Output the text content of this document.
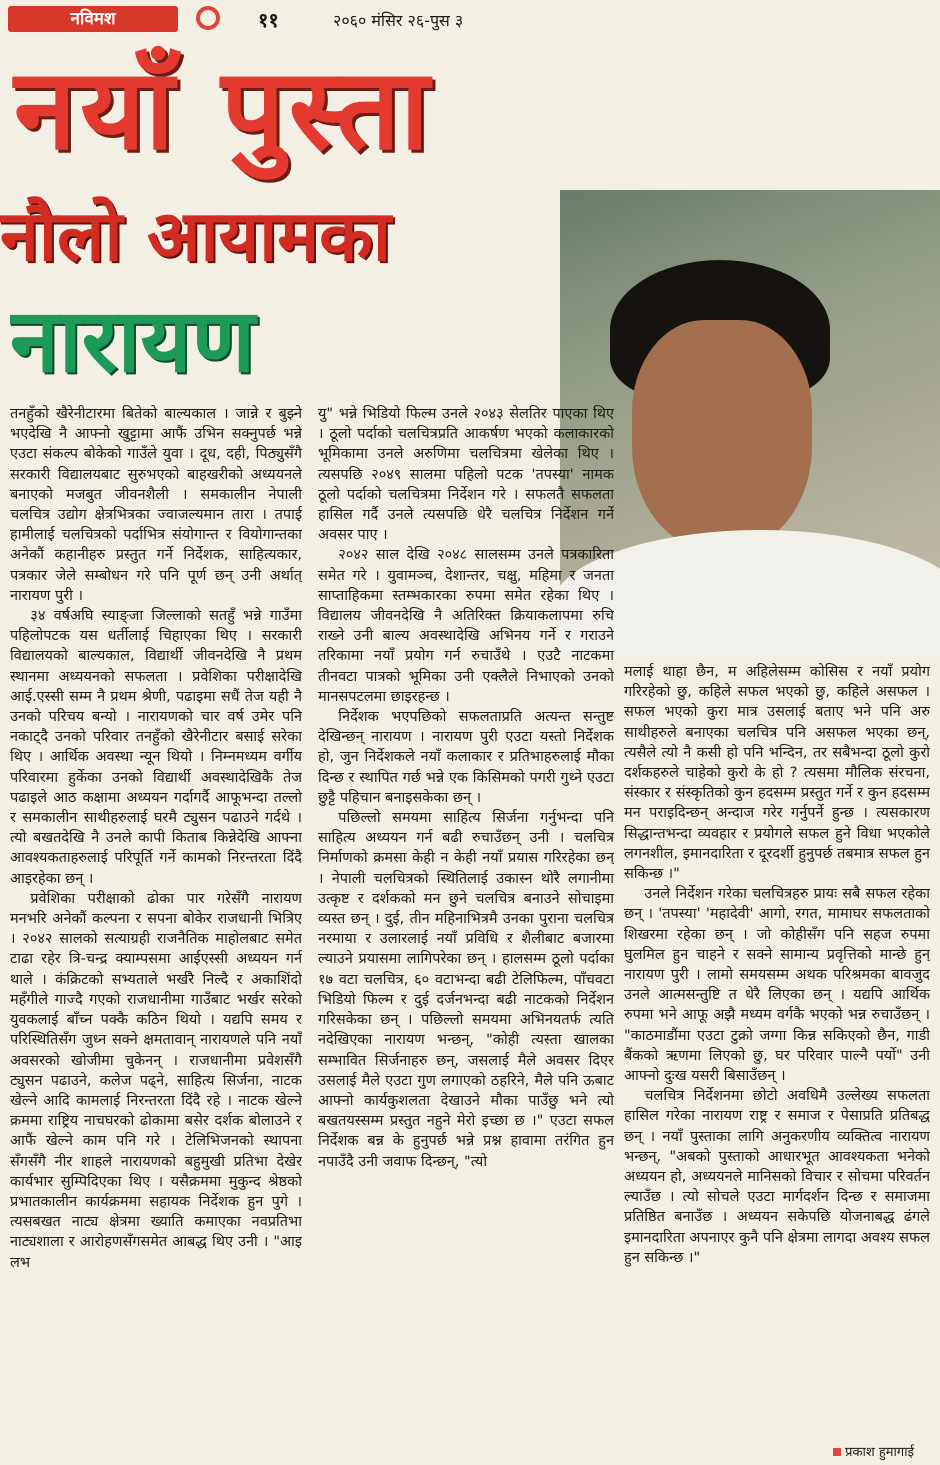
नविमश	११	२०६० मंसिर २६-पुस ३
नयाँ पुस्ता
नौलो आयामका
नारायण

तनहुँको खैरेनीटारमा बितेको बाल्यकाल । जान्ने र बुझ्ने भएदेखि नै आफ्नो खुट्टामा आफैं उभिन सक्नुपर्छ भन्ने एउटा संकल्प बोकेको गाउँले युवा । दूध, दही, पिठ्युसँगै सरकारी विद्यालयबाट सुरुभएको बाहखरीको अध्ययनले बनाएको मजबुत जीवनशैली । समकालीन नेपाली चलचित्र उद्योग क्षेत्रभित्रका ज्वाजल्यमान तारा । तपाई हामीलाई चलचित्रको पर्दाभित्र संयोगान्त र वियोगान्तका अनेकौं कहानीहरु प्रस्तुत गर्ने निर्देशक, साहित्यकार, पत्रकार जेले सम्बोधन गरे पनि पूर्ण छन् उनी अर्थात् नारायण पुरी ।

३४ वर्षअघि स्याङ्जा जिल्लाको सतहुँ भन्ने गाउँमा पहिलोपटक यस धर्तीलाई चिहाएका थिए । सरकारी विद्यालयको बाल्यकाल, विद्यार्थी जीवनदेखि नै प्रथम स्थानमा अध्ययनको सफलता । प्रवेशिका परीक्षादेखि आई.एस्सी सम्म नै प्रथम श्रेणी, पढाइमा सधैं तेज यही नै उनको परिचय बन्यो । नारायणको चार वर्ष उमेर पनि नकाट्दै उनको परिवार तनहुँको खैरेनीटार बसाई सरेका थिए । आर्थिक अवस्था न्यून थियो । निम्नमध्यम वर्गीय परिवारमा हुर्केका उनको विद्यार्थी अवस्थादेखिकै तेज पढाइले आठ कक्षामा अध्ययन गर्दागर्दै आफूभन्दा तल्लो र समकालीन साथीहरुलाई घरमै ट्युसन पढाउने गर्दथे । त्यो बखतदेखि नै उनले कापी किताब किन्नेदेखि आफ्ना आवश्यकताहरुलाई परिपूर्ति गर्ने कामको निरन्तरता दिंदै आइरहेका छन् ।

प्रवेशिका परीक्षाको ढोका पार गरेसँगै नारायण मनभरि अनेकौं कल्पना र सपना बोकेर राजधानी भित्रिए । २०४२ सालको सत्याग्रही राजनैतिक माहोलबाट समेत टाढा रहेर त्रि-चन्द्र क्याम्पसमा आईएस्सी अध्ययन गर्न थाले । कंक्रिटको सभ्यताले भर्खरै निल्दै र अकाशिंदो महँगीले गाज्दै गएको राजधानीमा गाउँबाट भर्खर सरेको युवकलाई बाँच्न पक्कै कठिन थियो । यद्यपि समय र परिस्थितिसँग जुध्न सक्ने क्षमतावान् नारायणले पनि नयाँ अवसरको खोजीमा चुकेनन् । राजधानीमा प्रवेशसँगै ट्युसन पढाउने, कलेज पढ्ने, साहित्य सिर्जना, नाटक खेल्ने आदि कामलाई निरन्तरता दिंदै रहे । नाटक खेल्ने क्रममा राष्ट्रिय नाचघरको ढोकामा बसेर दर्शक बोलाउने र आफैं खेल्ने काम पनि गरे । टेलिभिजनको स्थापना सँगसँगै नीर शाहले नारायणको बहुमुखी प्रतिभा देखेर कार्यभार सुम्पिदिएका थिए । यसैक्रममा मुकुन्द श्रेष्ठको प्रभातकालीन कार्यक्रममा सहायक निर्देशक हुन पुगे । त्यसबखत नाट्य क्षेत्रमा ख्याति कमाएका नवप्रतिभा नाट्यशाला र आरोहणसँगसमेत आबद्ध थिए उनी । "आइ लभ

यु" भन्ने भिडियो फिल्म उनले २०४३ सेलतिर पाएका थिए । ठूलो पर्दाको चलचित्रप्रति आकर्षण भएको कलाकारको भूमिकामा उनले अरुणिमा चलचित्रमा खेलेका थिए । त्यसपछि २०४९ सालमा पहिलो पटक 'तपस्या' नामक ठूलो पर्दाको चलचित्रमा निर्देशन गरे । सफलतै सफलता हासिल गर्दै उनले त्यसपछि धेरै चलचित्र निर्देशन गर्ने अवसर पाए ।

२०४२ साल देखि २०४८ सालसम्म उनले पत्रकारिता समेत गरे । युवामञ्च, देशान्तर, चक्षु, महिमा र जनता साप्ताहिकमा स्तम्भकारका रुपमा समेत रहेका थिए । विद्यालय जीवनदेखि नै अतिरिक्त क्रियाकलापमा रुचि राख्ने उनी बाल्य अवस्थादेखि अभिनय गर्ने र गराउने तरिकामा नयाँ प्रयोग गर्न रुचाउँथे । एउटै नाटकमा तीनवटा पात्रको भूमिका उनी एक्लैले निभाएको उनको मानसपटलमा छाइरहन्छ ।

निर्देशक भएपछिको सफलताप्रति अत्यन्त सन्तुष्ट देखिन्छन् नारायण । नारायण पुरी एउटा यस्तो निर्देशक हो, जुन निर्देशकले नयाँ कलाकार र प्रतिभाहरुलाई मौका दिन्छ र स्थापित गर्छ भन्ने एक किसिमको पगरी गुथ्ने एउटा छुट्टै पहिचान बनाइसकेका छन् ।

पछिल्लो समयमा साहित्य सिर्जना गर्नुभन्दा पनि साहित्य अध्ययन गर्न बढी रुचाउँछन् उनी । चलचित्र निर्माणको क्रमसा केही न केही नयाँ प्रयास गरिरहेका छन् । नेपाली चलचित्रको स्थितिलाई उकास्न थोरै लगानीमा उत्कृष्ट र दर्शकको मन छुने चलचित्र बनाउने सोचाइमा व्यस्त छन् । दुई, तीन महिनाभित्रमै उनका पुराना चलचित्र नरमाया र उलारलाई नयाँ प्रविधि र शैलीबाट बजारमा ल्याउने प्रयासमा लागिपरेका छन् । हालसम्म ठूलो पर्दाका १७ वटा चलचित्र, ६० वटाभन्दा बढी टेलिफिल्म, पाँचवटा भिडियो फिल्म र दुई दर्जनभन्दा बढी नाटकको निर्देशन गरिसकेका छन् । पछिल्लो समयमा अभिनयतर्फ त्यति नदेखिएका नारायण भन्छन्, "कोही त्यस्ता खालका सम्भावित सिर्जनाहरु छन्, जसलाई मैले अवसर दिएर उसलाई मैले एउटा गुण लगाएको ठहरिने, मैले पनि ऊबाट आफ्नो कार्यकुशलता देखाउने मौका पाउँछु भने त्यो बखतयस्सम्म प्रस्तुत नहुने मेरो इच्छा छ ।" एउटा सफल निर्देशक बन्न के हुनुपर्छ भन्ने प्रश्न हावामा तरंगित हुन नपाउँदै उनी जवाफ दिन्छन्, "त्यो

मलाई थाहा छैन, म अहिलेसम्म कोसिस र नयाँ प्रयोग गरिरहेको छु, कहिले सफल भएको छु, कहिले असफल । सफल भएको कुरा मात्र उसलाई बताए भने पनि अरु साथीहरुले बनाएका चलचित्र पनि असफल भएका छन्, त्यसैले त्यो नै कसी हो पनि भन्दिन, तर सबैभन्दा ठूलो कुरो दर्शकहरुले चाहेको कुरो के हो ? त्यसमा मौलिक संरचना, संस्कार र संस्कृतिको कुन हदसम्म प्रस्तुत गर्ने र कुन हदसम्म मन पराइदिन्छन् अन्दाज गरेर गर्नुपर्ने हुन्छ । त्यसकारण सिद्धान्तभन्दा व्यवहार र प्रयोगले सफल हुने विधा भएकोले लगनशील, इमानदारिता र दूरदर्शी हुनुपर्छ तबमात्र सफल हुन सकिन्छ ।"

उनले निर्देशन गरेका चलचित्रहरु प्रायः सबै सफल रहेका छन् । 'तपस्या' 'महादेवी' आगो, रगत, मामाघर सफलताको शिखरमा रहेका छन् । जो कोहीसँग पनि सहज रुपमा घुलमिल हुन चाहने र सक्ने सामान्य प्रवृत्तिको मान्छे हुन् नारायण पुरी । लामो समयसम्म अथक परिश्रमका बावजुद उनले आत्मसन्तुष्टि त धेरै लिएका छन् । यद्यपि आर्थिक रुपमा भने आफू अझै मध्यम वर्गकै भएको भन्न रुचाउँछन् । "काठमाडौंमा एउटा टुक्रो जग्गा किन्न सकिएको छैन, गाडी बैंकको ऋणमा लिएको छु, घर परिवार पाल्नै पर्यो" उनी आफ्नो दुःख यसरी बिसाउँछन् ।

चलचित्र निर्देशनमा छोटो अवधिमै उल्लेख्य सफलता हासिल गरेका नारायण राष्ट्र र समाज र पेसाप्रति प्रतिबद्ध छन् । नयाँ पुस्ताका लागि अनुकरणीय व्यक्तित्व नारायण भन्छन्, "अबको पुस्ताको आधारभूत आवश्यकता भनेको अध्ययन हो, अध्ययनले मानिसको विचार र सोचमा परिवर्तन ल्याउँछ । त्यो सोचले एउटा मार्गदर्शन दिन्छ र समाजमा प्रतिष्ठित बनाउँछ । अध्ययन सकेपछि योजनाबद्ध ढंगले इमानदारिता अपनाएर कुनै पनि क्षेत्रमा लागदा अवश्य सफल हुन सकिन्छ ।"

प्रकाश हुमागाई
